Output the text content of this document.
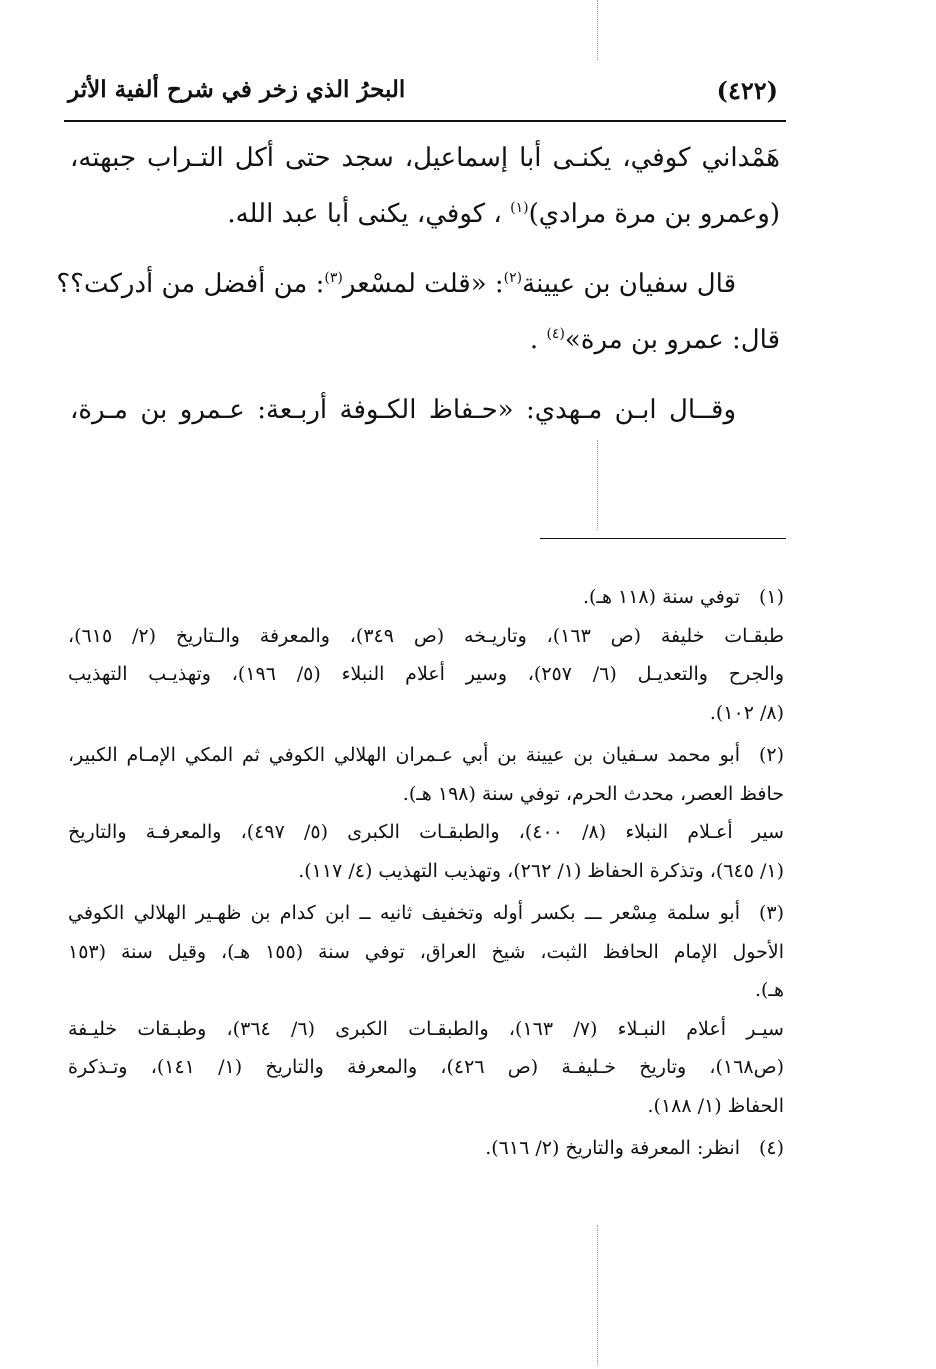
(٤٢٢)
البحرُ الذي زخر في شرح ألفية الأثر

هَمْداني كوفي، يكنـى أبا إسماعيل، سجد حتى أكل التـراب جبهته،
(وعمرو بن مرة مرادي)$^{(١)}$ ، كوفي، يكنى أبا عبد الله.

قال سفيان بن عيينة$^{(٢)}$: «قلت لمسْعر$^{(٣)}$: من أفضل من أدركت؟؟
قال: عمرو بن مرة»$^{(٤)}$ .

وقــال ابـن مـهدي: «حـفاظ الكـوفة أربـعة: عـمرو بن مـرة،

(١)
توفي سنة (١١٨ هـ).
طبقـات خليفة (ص ١٦٣)، وتاريـخه (ص ٣٤٩)، والمعرفة والـتاريخ (٢/ ٦١٥)،
والجرح والتعديـل (٦/ ٢٥٧)، وسير أعلام النبلاء (٥/ ١٩٦)، وتهذيـب التهذيب
(٨/ ١٠٢).
(٢)
أبو محمد سـفيان بن عيينة بن أبي عـمران الهلالي الكوفي ثم المكي الإمـام الكبير،
حافظ العصر، محدث الحرم، توفي سنة (١٩٨ هـ).
سير أعـلام النبلاء (٨/ ٤٠٠)، والطبقـات الكبرى (٥/ ٤٩٧)، والمعرفـة والتاريخ
(١/ ٦٤٥)، وتذكرة الحفاظ (١/ ٢٦٢)، وتهذيب التهذيب (٤/ ١١٧).
(٣)
أبو سلمة مِسْعر ـــ بكسر أوله وتخفيف ثانيه ــ ابن كدام بن ظهـير الهلالي الكوفي
الأحول الإمام الحافظ الثبت، شيخ العراق، توفي سنة (١٥٥ هـ)، وقيل سنة (١٥٣
هـ).
سيـر أعلام النبـلاء (٧/ ١٦٣)، والطبقـات الكبرى (٦/ ٣٦٤)، وطبـقات خليـفة
(ص١٦٨)، وتاريخ خـليفـة (ص ٤٢٦)، والمعرفة والتاريخ (١/ ١٤١)، وتـذكرة
الحفاظ (١/ ١٨٨).
(٤)
انظر: المعرفة والتاريخ (٢/ ٦١٦).
